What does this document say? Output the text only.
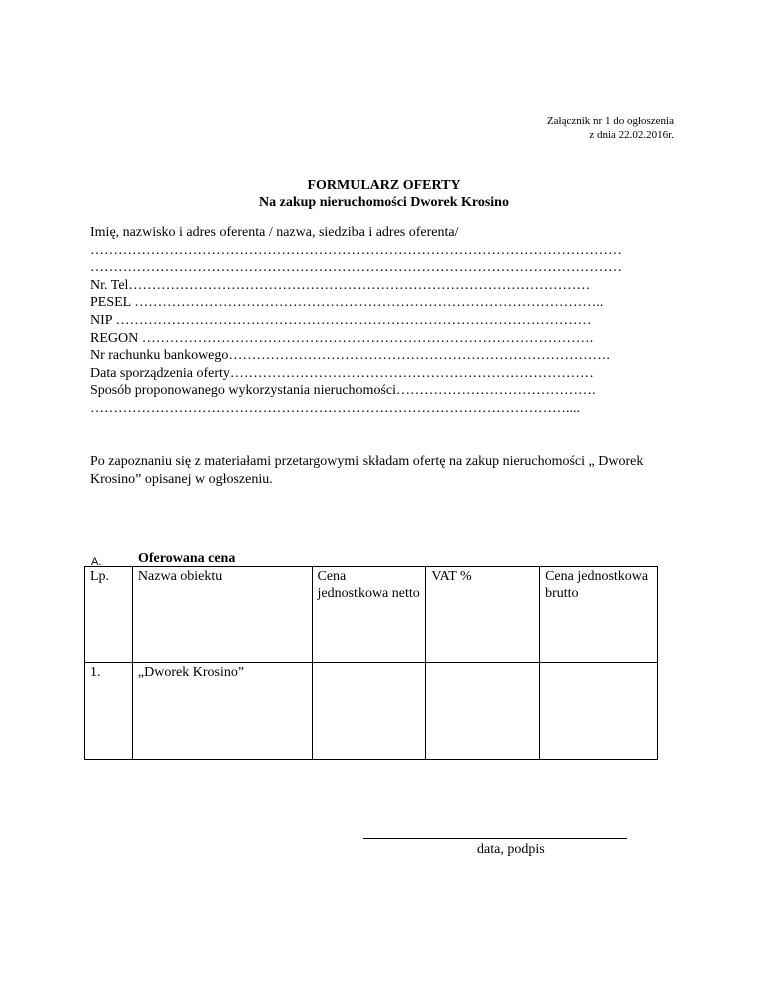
Załącznik nr 1 do ogłoszenia
z dnia 22.02.2016r.
FORMULARZ OFERTY
Na zakup nieruchomości Dworek Krosino
Imię, nazwisko i adres oferenta / nazwa, siedziba i adres oferenta/
……………………………………………………………………………………………………
……………………………………………………………………………………………………
Nr. Tel………………………………………………………………………………………
PESEL ………………………………………………………………………………………..
NIP …………………………………………………………………………………………
REGON …………………………………………………………………………………….
Nr rachunku bankowego……………………………………………………………………….
Data sporządzenia oferty……………………………………………………………………
Sposób proponowanego wykorzystania nieruchomości…………………………………….
…………………………………………………………………………………………....
Po zapoznaniu się z materiałami przetargowymi składam ofertę na zakup nieruchomości „ Dworek Krosino” opisanej w ogłoszeniu.
A.	Oferowana cena
Lp.	Nazwa obiektu	Cena jednostkowa netto	VAT %	Cena jednostkowa brutto
1.	„Dworek Krosino”			
data, podpis
